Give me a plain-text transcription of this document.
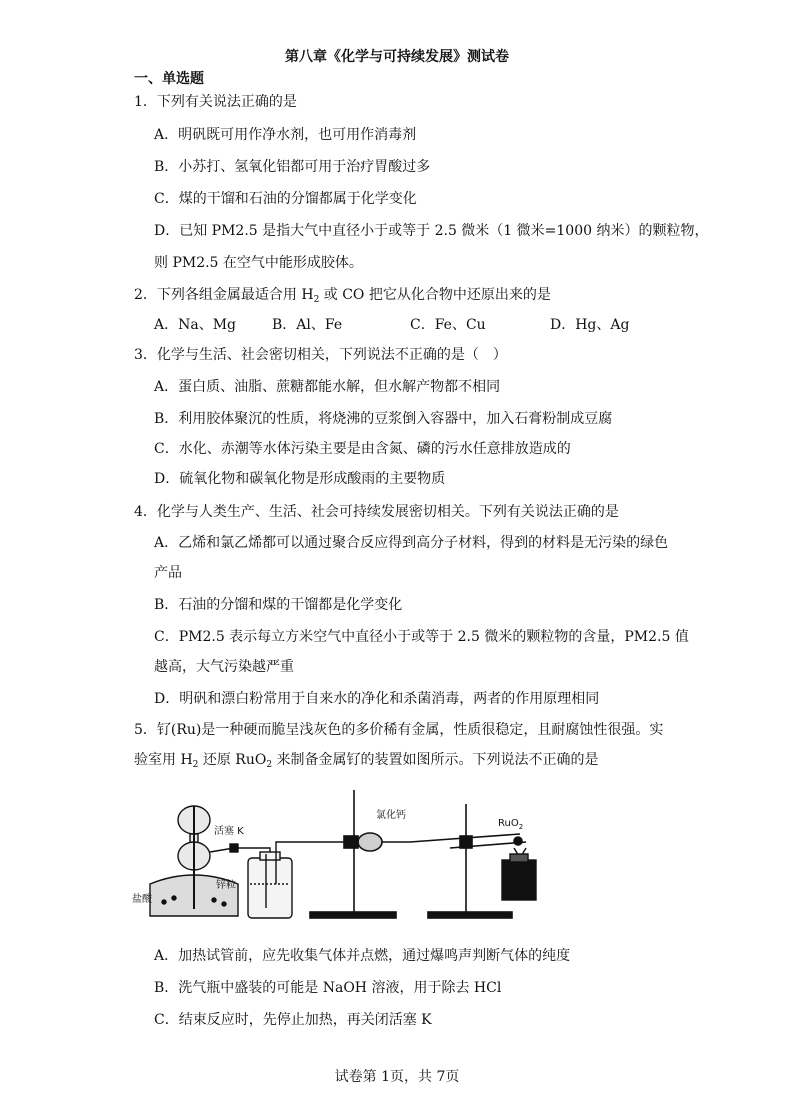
第八章《化学与可持续发展》测试卷
一、单选题
1．下列有关说法正确的是
A．明矾既可用作净水剂，也可用作消毒剂
B．小苏打、氢氧化铝都可用于治疗胃酸过多
C．煤的干馏和石油的分馏都属于化学变化
D．已知 PM2.5 是指大气中直径小于或等于 2.5 微米（1 微米=1000 纳米）的颗粒物，
则 PM2.5 在空气中能形成胶体。
2．下列各组金属最适合用 $H_2$ 或 CO 把它从化合物中还原出来的是
A．Na、Mg	B．Al、Fe	C．Fe、Cu	D．Hg、Ag
3．化学与生活、社会密切相关，下列说法不正确的是（　）
A．蛋白质、油脂、蔗糖都能水解，但水解产物都不相同
B．利用胶体聚沉的性质，将烧沸的豆浆倒入容器中，加入石膏粉制成豆腐
C．水化、赤潮等水体污染主要是由含氮、磷的污水任意排放造成的
D．硫氧化物和碳氧化物是形成酸雨的主要物质
4．化学与人类生产、生活、社会可持续发展密切相关。下列有关说法正确的是
A．乙烯和氯乙烯都可以通过聚合反应得到高分子材料，得到的材料是无污染的绿色
产品
B．石油的分馏和煤的干馏都是化学变化
C．PM2.5 表示每立方米空气中直径小于或等于 2.5 微米的颗粒物的含量，PM2.5 值
越高，大气污染越严重
D．明矾和漂白粉常用于自来水的净化和杀菌消毒，两者的作用原理相同
5．钌(Ru)是一种硬而脆呈浅灰色的多价稀有金属，性质很稳定，且耐腐蚀性很强。实
验室用 $H_2$ 还原 RuO$_2$ 来制备金属钌的装置如图所示。下列说法不正确的是
活塞 K
氯化钙
RuO$_2$
盐酸
锌粒
A．加热试管前，应先收集气体并点燃，通过爆鸣声判断气体的纯度
B．洗气瓶中盛装的可能是 NaOH 溶液，用于除去 HCl
C．结束反应时，先停止加热，再关闭活塞 K
试卷第 1页，共 7页
